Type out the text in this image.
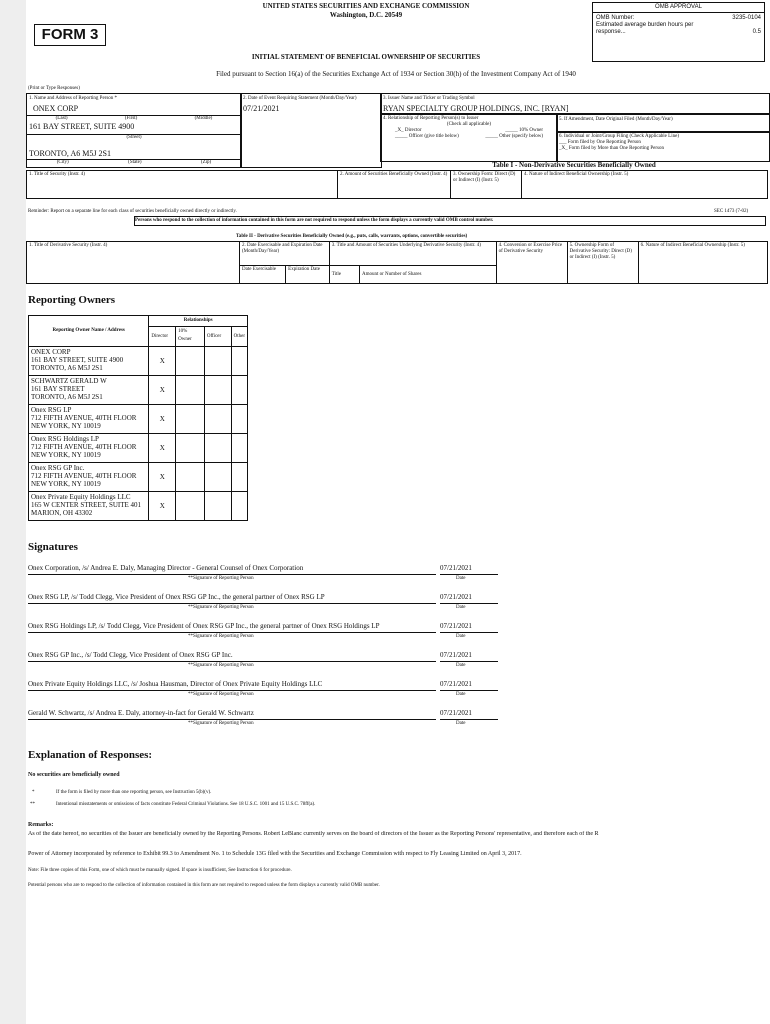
FORM 3
UNITED STATES SECURITIES AND EXCHANGE COMMISSION
Washington, D.C. 20549
INITIAL STATEMENT OF BENEFICIAL OWNERSHIP OF SECURITIES
OMB APPROVAL
OMB Number:	3235-0104
Estimated average burden hours per response...	0.5
Filed pursuant to Section 16(a) of the Securities Exchange Act of 1934 or Section 30(h) of the Investment Company Act of 1940
(Print or Type Responses)
1. Name and Address of Reporting Person *
ONEX CORP
(Last)	(First)	(Middle)
161 BAY STREET, SUITE 4900
(Street)
TORONTO, A6 M5J 2S1
(City)	(State)	(Zip)
2. Date of Event Requiring Statement (Month/Day/Year)
07/21/2021
3. Issuer Name and Ticker or Trading Symbol
RYAN SPECIALTY GROUP HOLDINGS, INC. [RYAN]
4. Relationship of Reporting Person(s) to Issuer
(Check all applicable)
_X_ Director	_____ 10% Owner
_____ Officer (give title below)	_____ Other (specify below)
5. If Amendment, Date Original Filed (Month/Day/Year)
6. Individual or Joint/Group Filing (Check Applicable Line)
___ Form filed by One Reporting Person
_X_ Form filed by More than One Reporting Person
Table I - Non-Derivative Securities Beneficially Owned
1. Title of Security (Instr. 4)	2. Amount of Securities Beneficially Owned (Instr. 4)	3. Ownership Form: Direct (D) or Indirect (I) (Instr. 5)	4. Nature of Indirect Beneficial Ownership (Instr. 5)
Reminder: Report on a separate line for each class of securities beneficially owned directly or indirectly.	SEC 1473 (7-02)
Persons who respond to the collection of information contained in this form are not required to respond unless the form displays a currently valid OMB control number.
Table II - Derivative Securities Beneficially Owned (e.g., puts, calls, warrants, options, convertible securities)
1. Title of Derivative Security (Instr. 4)	2. Date Exercisable and Expiration Date (Month/Day/Year)		3. Title and Amount of Securities Underlying Derivative Security (Instr. 4)		4. Conversion or Exercise Price of Derivative Security	5. Ownership Form of Derivative Security: Direct (D) or Indirect (I) (Instr. 5)	6. Nature of Indirect Beneficial Ownership (Instr. 5)
	Date Exercisable	Expiration Date	Title	Amount or Number of Shares			
Reporting Owners
Reporting Owner Name / Address	Relationships			
	Director	10% Owner	Officer	Other

ONEX CORP
161 BAY STREET, SUITE 4900
TORONTO, A6 M5J 2S1	X			

SCHWARTZ GERALD W
161 BAY STREET
TORONTO, A6 M5J 2S1	X			

Onex RSG LP
712 FIFTH AVENUE, 40TH FLOOR
NEW YORK, NY 10019	X			

Onex RSG Holdings LP
712 FIFTH AVENUE, 40TH FLOOR
NEW YORK, NY 10019	X			

Onex RSG GP Inc.
712 FIFTH AVENUE, 40TH FLOOR
NEW YORK, NY 10019	X			

Onex Private Equity Holdings LLC
165 W CENTER STREET, SUITE 401
MARION, OH 43302	X			
Signatures
Onex Corporation, /s/ Andrea E. Daly, Managing Director - General Counsel of Onex Corporation	07/21/2021
**Signature of Reporting Person	Date
Onex RSG LP, /s/ Todd Clegg, Vice President of Onex RSG GP Inc., the general partner of Onex RSG LP	07/21/2021
**Signature of Reporting Person	Date
Onex RSG Holdings LP, /s/ Todd Clegg, Vice President of Onex RSG GP Inc., the general partner of Onex RSG Holdings LP	07/21/2021
**Signature of Reporting Person	Date
Onex RSG GP Inc., /s/ Todd Clegg, Vice President of Onex RSG GP Inc.	07/21/2021
**Signature of Reporting Person	Date
Onex Private Equity Holdings LLC, /s/ Joshua Hausman, Director of Onex Private Equity Holdings LLC	07/21/2021
**Signature of Reporting Person	Date
Gerald W. Schwartz, /s/ Andrea E. Daly, attorney-in-fact for Gerald W. Schwartz	07/21/2021
**Signature of Reporting Person	Date
Explanation of Responses:
No securities are beneficially owned
*	If the form is filed by more than one reporting person, see Instruction 5(b)(v).
**	Intentional misstatements or omissions of facts constitute Federal Criminal Violations. See 18 U.S.C. 1001 and 15 U.S.C. 78ff(a).
Remarks:
As of the date hereof, no securities of the Issuer are beneficially owned by the Reporting Persons. Robert LeBlanc currently serves on the board of directors of the Issuer as the Reporting Persons' representative, and therefore each of the R
Power of Attorney incorporated by reference to Exhibit 99.3 to Amendment No. 1 to Schedule 13G filed with the Securities and Exchange Commission with respect to Fly Leasing Limited on April 3, 2017.
Note: File three copies of this Form, one of which must be manually signed. If space is insufficient, See Instruction 6 for procedure.
Potential persons who are to respond to the collection of information contained in this form are not required to respond unless the form displays a currently valid OMB number.
